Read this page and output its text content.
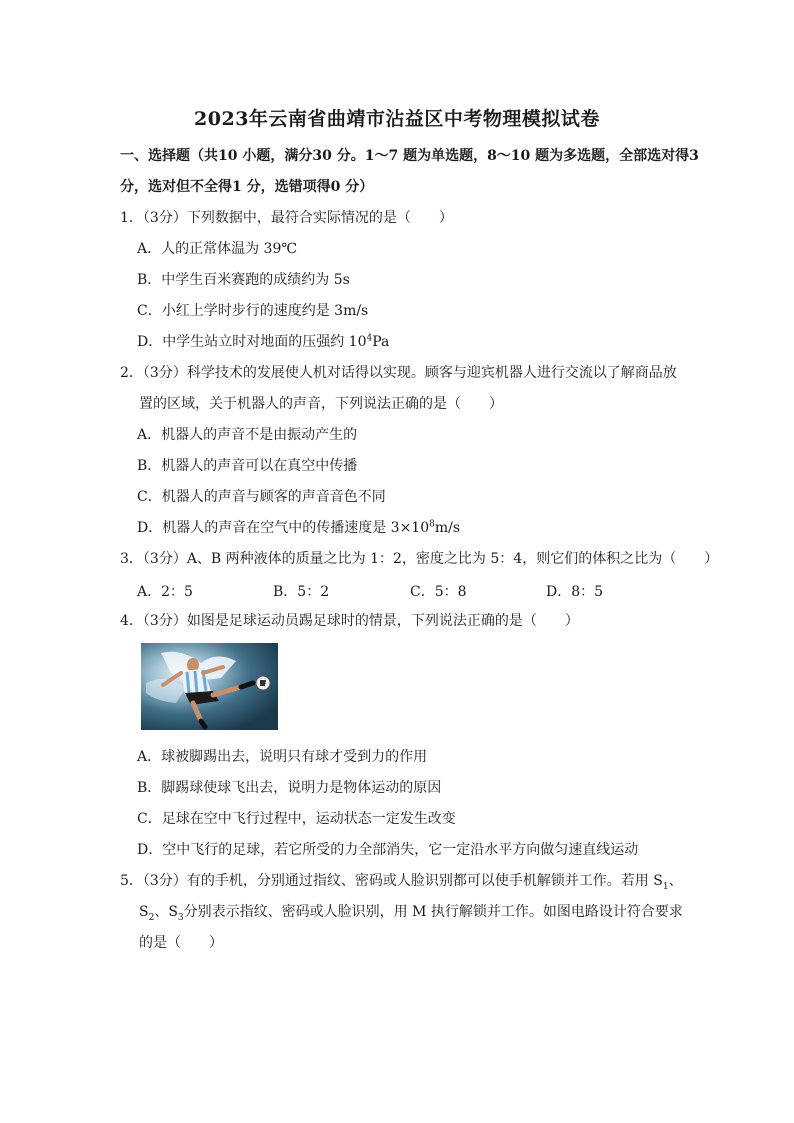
2023年云南省曲靖市沾益区中考物理模拟试卷
一、选择题（共10 小题，满分30 分。1～7 题为单选题，8～10 题为多选题，全部选对得3
分，选对但不全得1 分，选错项得0 分）
1．（3分）下列数据中，最符合实际情况的是（　　）
A．人的正常体温为 39℃
B．中学生百米赛跑的成绩约为 5s
C．小红上学时步行的速度约是 3m/s
D．中学生站立时对地面的压强约 $10^4Pa$
2．（3分）科学技术的发展使人机对话得以实现。顾客与迎宾机器人进行交流以了解商品放
置的区域，关于机器人的声音，下列说法正确的是（　　）
A．机器人的声音不是由振动产生的
B．机器人的声音可以在真空中传播
C．机器人的声音与顾客的声音音色不同
D．机器人的声音在空气中的传播速度是 $3\times 10^8m/s$
3．（3分）A、B 两种液体的质量之比为 1：2，密度之比为 5：4，则它们的体积之比为（　　）
A．2：5	B．5：2	C．5：8	D．8：5
4．（3分）如图是足球运动员踢足球时的情景，下列说法正确的是（　　）
A．球被脚踢出去，说明只有球才受到力的作用
B．脚踢球使球飞出去，说明力是物体运动的原因
C．足球在空中飞行过程中，运动状态一定发生改变
D．空中飞行的足球，若它所受的力全部消失，它一定沿水平方向做匀速直线运动
5．（3分）有的手机，分别通过指纹、密码或人脸识别都可以使手机解锁并工作。若用 $S_1$、
$S_2$、$S_3$分别表示指纹、密码或人脸识别，用 M 执行解锁并工作。如图电路设计符合要求
的是（　　）
